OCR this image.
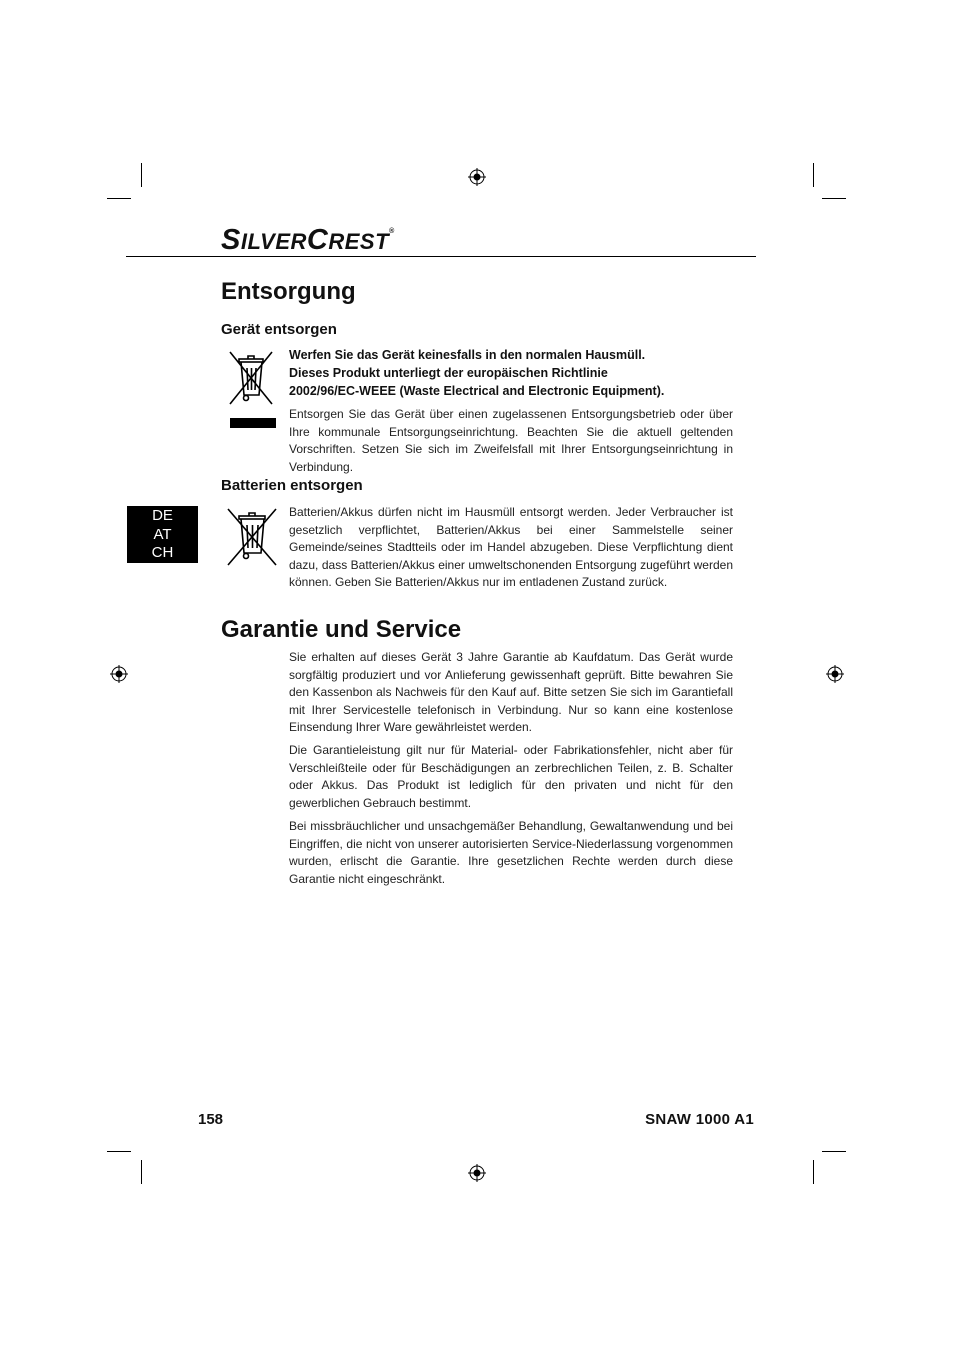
SILVERCREST®
Entsorgung
Gerät entsorgen
Werfen Sie das Gerät keinesfalls in den normalen Hausmüll.
Dieses Produkt unterliegt der europäischen Richtlinie
2002/96/EC-WEEE (Waste Electrical and Electronic Equipment).

Entsorgen Sie das Gerät über einen zugelassenen Entsorgungsbetrieb oder über Ihre kommunale Entsorgungseinrichtung. Beachten Sie die aktuell geltenden Vorschriften. Setzen Sie sich im Zweifelsfall mit Ihrer Entsorgungseinrichtung in Verbindung.

Batterien entsorgen
DE
AT
CH

Batterien/Akkus dürfen nicht im Hausmüll entsorgt werden. Jeder Verbraucher ist gesetzlich verpflichtet, Batterien/Akkus bei einer Sammelstelle seiner Gemeinde/seines Stadtteils oder im Handel abzugeben. Diese Verpflichtung dient dazu, dass Batterien/Akkus einer umweltschonenden Entsorgung zugeführt werden können. Geben Sie Batterien/Akkus nur im entladenen Zustand zurück.

Garantie und Service

Sie erhalten auf dieses Gerät 3 Jahre Garantie ab Kaufdatum. Das Gerät wurde sorgfältig produziert und vor Anlieferung gewissenhaft geprüft. Bitte bewahren Sie den Kassenbon als Nachweis für den Kauf auf. Bitte setzen Sie sich im Garantiefall mit Ihrer Servicestelle telefonisch in Verbindung. Nur so kann eine kostenlose Einsendung Ihrer Ware gewährleistet werden.

Die Garantieleistung gilt nur für Material- oder Fabrikationsfehler, nicht aber für Verschleißteile oder für Beschädigungen an zerbrechlichen Teilen, z. B. Schalter oder Akkus. Das Produkt ist lediglich für den privaten und nicht für den gewerblichen Gebrauch bestimmt.

Bei missbräuchlicher und unsachgemäßer Behandlung, Gewaltanwendung und bei Eingriffen, die nicht von unserer autorisierten Service-Niederlassung vorgenommen wurden, erlischt die Garantie. Ihre gesetzlichen Rechte werden durch diese Garantie nicht eingeschränkt.

158	SNAW 1000 A1
